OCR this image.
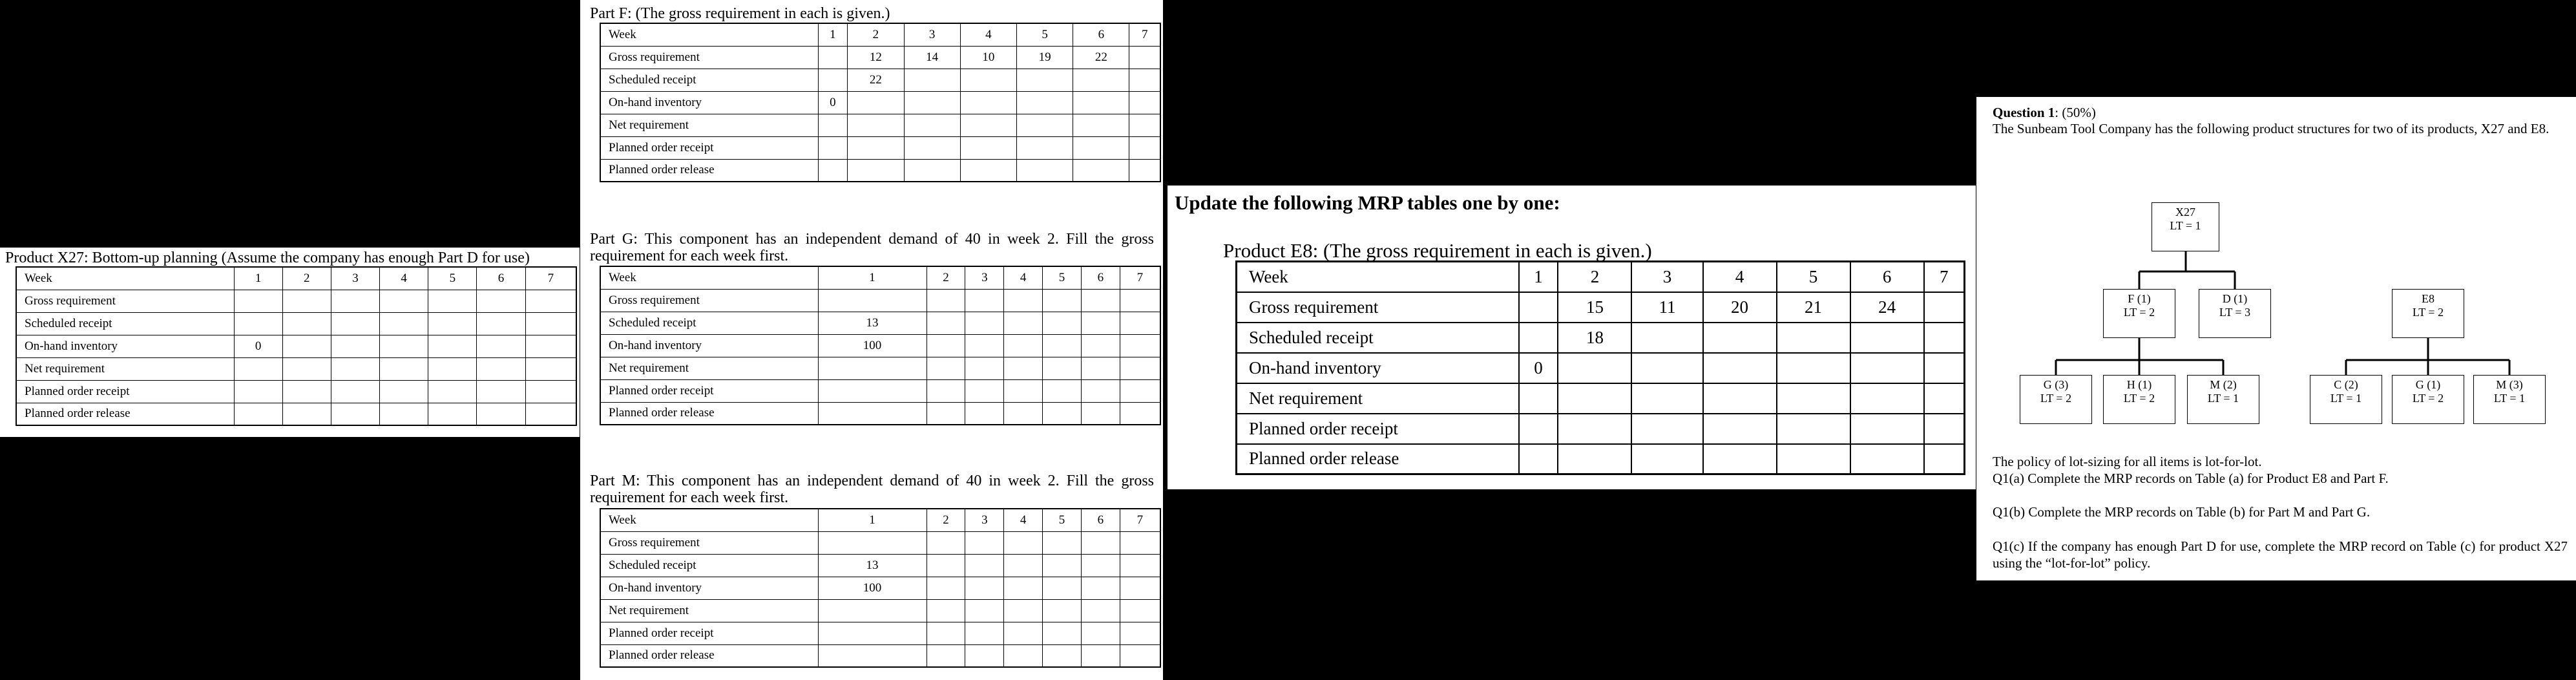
Product X27: Bottom-up planning (Assume the company has enough Part D for use)
Week	1	2	3	4	5	6	7
Gross requirement							
Scheduled receipt							
On-hand inventory	0						
Net requirement							
Planned order receipt							
Planned order release							
Part F: (The gross requirement in each is given.)
Week	1	2	3	4	5	6	7
Gross requirement		12	14	10	19	22	
Scheduled receipt		22					
On-hand inventory	0						
Net requirement							
Planned order receipt							
Planned order release							
Part G: This component has an independent demand of 40 in week 2. Fill the gross requirement for each week first.
Week	1	2	3	4	5	6	7
Gross requirement							
Scheduled receipt	13						
On-hand inventory	100						
Net requirement							
Planned order receipt							
Planned order release							
Part M: This component has an independent demand of 40 in week 2. Fill the gross requirement for each week first.
Week	1	2	3	4	5	6	7
Gross requirement							
Scheduled receipt	13						
On-hand inventory	100						
Net requirement							
Planned order receipt							
Planned order release							
Update the following MRP tables one by one:
Product E8: (The gross requirement in each is given.)
Week	1	2	3	4	5	6	7
Gross requirement		15	11	20	21	24	
Scheduled receipt		18					
On-hand inventory	0						
Net requirement							
Planned order receipt							
Planned order release							
Question 1: (50%)
The Sunbeam Tool Company has the following product structures for two of its products, X27 and E8.
X27
LT = 1
F (1)
LT = 2
D (1)
LT = 3
G (3)
LT = 2
H (1)
LT = 2
M (2)
LT = 1
E8
LT = 2
C (2)
LT = 1
G (1)
LT = 2
M (3)
LT = 1
The policy of lot-sizing for all items is lot-for-lot.
Q1(a) Complete the MRP records on Table (a) for Product E8 and Part F.
Q1(b) Complete the MRP records on Table (b) for Part M and Part G.
Q1(c) If the company has enough Part D for use, complete the MRP record on Table (c) for product X27 using the “lot-for-lot” policy.
